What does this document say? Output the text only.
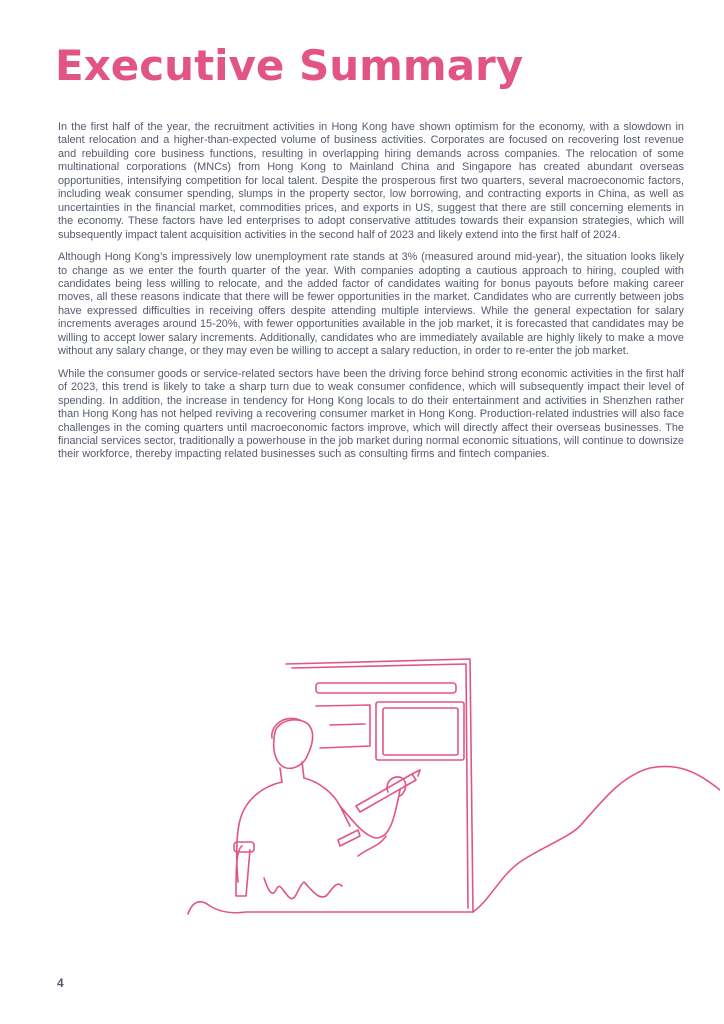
Executive Summary

In the first half of the year, the recruitment activities in Hong Kong have shown optimism for the economy, with a slowdown in talent relocation and a higher-than-expected volume of business activities. Corporates are focused on recovering lost revenue and rebuilding core business functions, resulting in overlapping hiring demands across companies. The relocation of some multinational corporations (MNCs) from Hong Kong to Mainland China and Singapore has created abundant overseas opportunities, intensifying competition for local talent. Despite the prosperous first two quarters, several macroeconomic factors, including weak consumer spending, slumps in the property sector, low borrowing, and contracting exports in China, as well as uncertainties in the financial market, commodities prices, and exports in US, suggest that there are still concerning elements in the economy. These factors have led enterprises to adopt conservative attitudes towards their expansion strategies, which will subsequently impact talent acquisition activities in the second half of 2023 and likely extend into the first half of 2024.

Although Hong Kong’s impressively low unemployment rate stands at 3% (measured around mid-year), the situation looks likely to change as we enter the fourth quarter of the year. With companies adopting a cautious approach to hiring, coupled with candidates being less willing to relocate, and the added factor of candidates waiting for bonus payouts before making career moves, all these reasons indicate that there will be fewer opportunities in the market. Candidates who are currently between jobs have expressed difficulties in receiving offers despite attending multiple interviews. While the general expectation for salary increments averages around 15-20%, with fewer opportunities available in the job market, it is forecasted that candidates may be willing to accept lower salary increments. Additionally, candidates who are immediately available are highly likely to make a move without any salary change, or they may even be willing to accept a salary reduction, in order to re-enter the job market.

While the consumer goods or service-related sectors have been the driving force behind strong economic activities in the first half of 2023, this trend is likely to take a sharp turn due to weak consumer confidence, which will subsequently impact their level of spending. In addition, the increase in tendency for Hong Kong locals to do their entertainment and activities in Shenzhen rather than Hong Kong has not helped reviving a recovering consumer market in Hong Kong. Production-related industries will also face challenges in the coming quarters until macroeconomic factors improve, which will directly affect their overseas businesses. The financial services sector, traditionally a powerhouse in the job market during normal economic situations, will continue to downsize their workforce, thereby impacting related businesses such as consulting firms and fintech companies.

4
